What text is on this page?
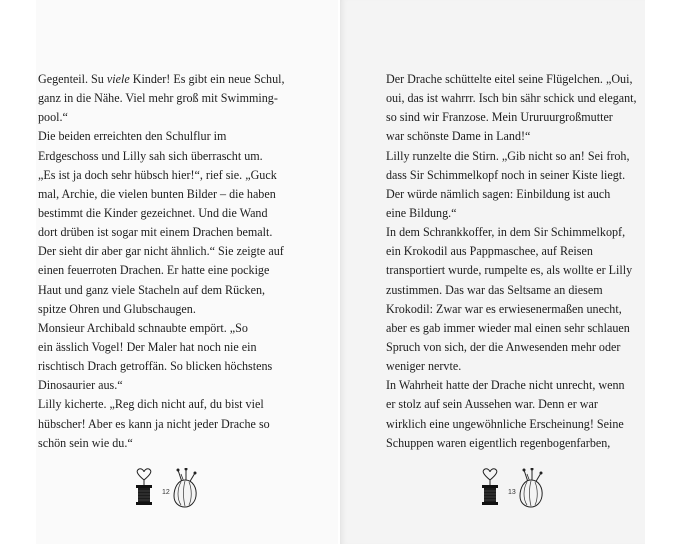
Gegenteil. Su viele Kinder! Es gibt ein neue Schul,
ganz in die Nähe. Viel mehr groß mit Swimming-
pool.“
Die beiden erreichten den Schulflur im
Erdgeschoss und Lilly sah sich überrascht um.
„Es ist ja doch sehr hübsch hier!“, rief sie. „Guck
mal, Archie, die vielen bunten Bilder – die haben
bestimmt die Kinder gezeichnet. Und die Wand
dort drüben ist sogar mit einem Drachen bemalt.
Der sieht dir aber gar nicht ähnlich.“ Sie zeigte auf
einen feuerroten Drachen. Er hatte eine pockige
Haut und ganz viele Stacheln auf dem Rücken,
spitze Ohren und Glubschaugen.
Monsieur Archibald schnaubte empört. „So
ein ässlich Vogel! Der Maler hat noch nie ein
rischtisch Drach getroffän. So blicken höchstens
Dinosaurier aus.“
Lilly kicherte. „Reg dich nicht auf, du bist viel
hübscher! Aber es kann ja nicht jeder Drache so
schön sein wie du.“
12
Der Drache schüttelte eitel seine Flügelchen. „Oui,
oui, das ist wahrrr. Isch bin sähr schick und elegant,
so sind wir Franzose. Mein Ururuurgroßmutter
war schönste Dame in Land!“
Lilly runzelte die Stirn. „Gib nicht so an! Sei froh,
dass Sir Schimmelkopf noch in seiner Kiste liegt.
Der würde nämlich sagen: Einbildung ist auch
eine Bildung.“
In dem Schrankkoffer, in dem Sir Schimmelkopf,
ein Krokodil aus Pappmaschee, auf Reisen
transportiert wurde, rumpelte es, als wollte er Lilly
zustimmen. Das war das Seltsame an diesem
Krokodil: Zwar war es erwiesenermaßen unecht,
aber es gab immer wieder mal einen sehr schlauen
Spruch von sich, der die Anwesenden mehr oder
weniger nervte.
In Wahrheit hatte der Drache nicht unrecht, wenn
er stolz auf sein Aussehen war. Denn er war
wirklich eine ungewöhnliche Erscheinung! Seine
Schuppen waren eigentlich regenbogenfarben,
13
